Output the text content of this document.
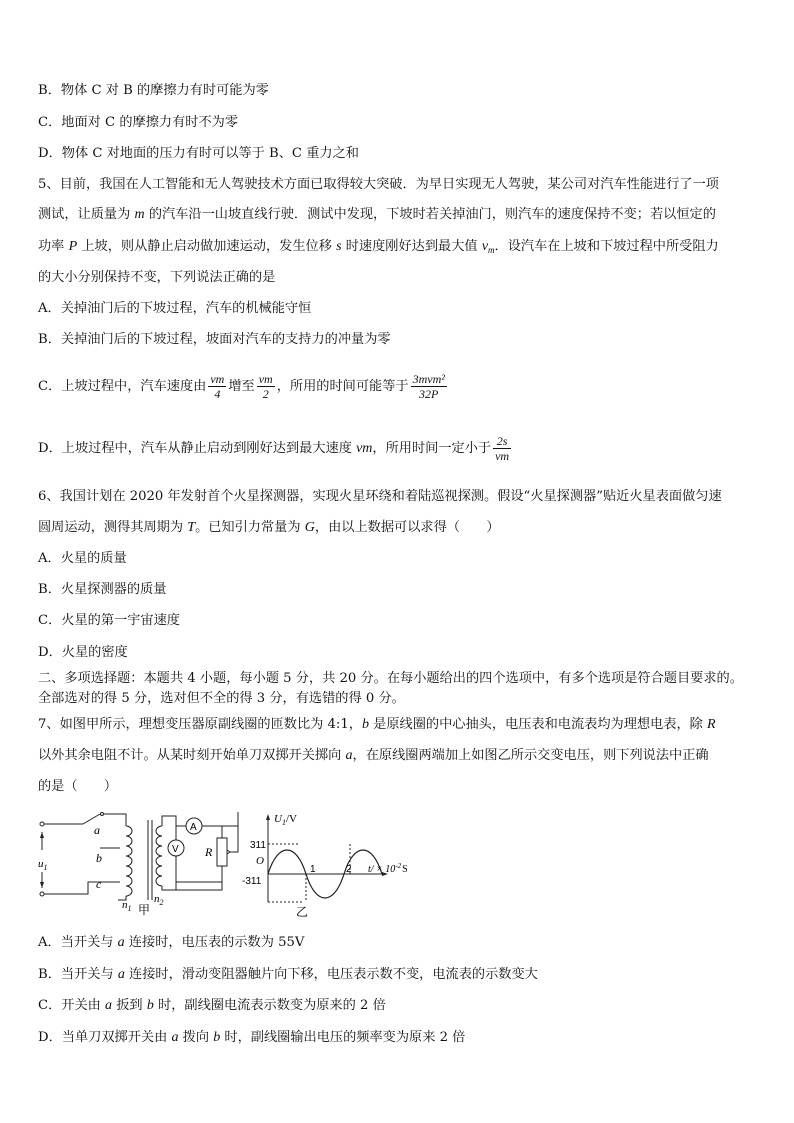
B．物体 C 对 B 的摩擦力有时可能为零
C．地面对 C 的摩擦力有时不为零
D．物体 C 对地面的压力有时可以等于 B、C 重力之和
5、目前，我国在人工智能和无人驾驶技术方面已取得较大突破．为早日实现无人驾驶，某公司对汽车性能进行了一项
测试，让质量为 m 的汽车沿一山坡直线行驶．测试中发现，下坡时若关掉油门，则汽车的速度保持不变；若以恒定的
功率 P 上坡，则从静止启动做加速运动，发生位移 s 时速度刚好达到最大值 $v_m$．设汽车在上坡和下坡过程中所受阻力
的大小分别保持不变，下列说法正确的是
A．关掉油门后的下坡过程，汽车的机械能守恒
B．关掉油门后的下坡过程，坡面对汽车的支持力的冲量为零
C．上坡过程中，汽车速度由 $\frac{vm}{4}$ 增至 $\frac{vm}{2}$ ，所用的时间可能等于 $\frac{\text{3mvm²}}{32P}$
D．上坡过程中，汽车从静止启动到刚好达到最大速度 vm，所用时间一定小于 $\frac{2s}{vm}$
6、我国计划在 2020 年发射首个火星探测器，实现火星环绕和着陆巡视探测。假设“火星探测器”贴近火星表面做匀速
圆周运动，测得其周期为 T。已知引力常量为 G，由以上数据可以求得（　　）
A．火星的质量
B．火星探测器的质量
C．火星的第一宇宙速度
D．火星的密度
二、多项选择题：本题共 4 小题，每小题 5 分，共 20 分。在每小题给出的四个选项中，有多个选项是符合题目要求的。
全部选对的得 5 分，选对但不全的得 3 分，有选错的得 0 分。
7、如图甲所示，理想变压器原副线圈的匝数比为 4:1，b 是原线圈的中心抽头，电压表和电流表均为理想电表，除 R
以外其余电阻不计。从某时刻开始单刀双掷开关掷向 a，在原线圈两端加上如图乙所示交变电压，则下列说法中正确
的是（　　）
a
b
c
$u_1$
$n_1$ 甲
$n_2$
A
V R	311
-311
O
1	2
$U_1/V$
$t/ \times 10^{-2}S$
乙
A．当开关与 a 连接时，电压表的示数为 55V
B．当开关与 a 连接时，滑动变阻器触片向下移，电压表示数不变，电流表的示数变大
C．开关由 a 扳到 b 时，副线圈电流表示数变为原来的 2 倍
D．当单刀双掷开关由 a 拨向 b 时，副线圈输出电压的频率变为原来 2 倍
